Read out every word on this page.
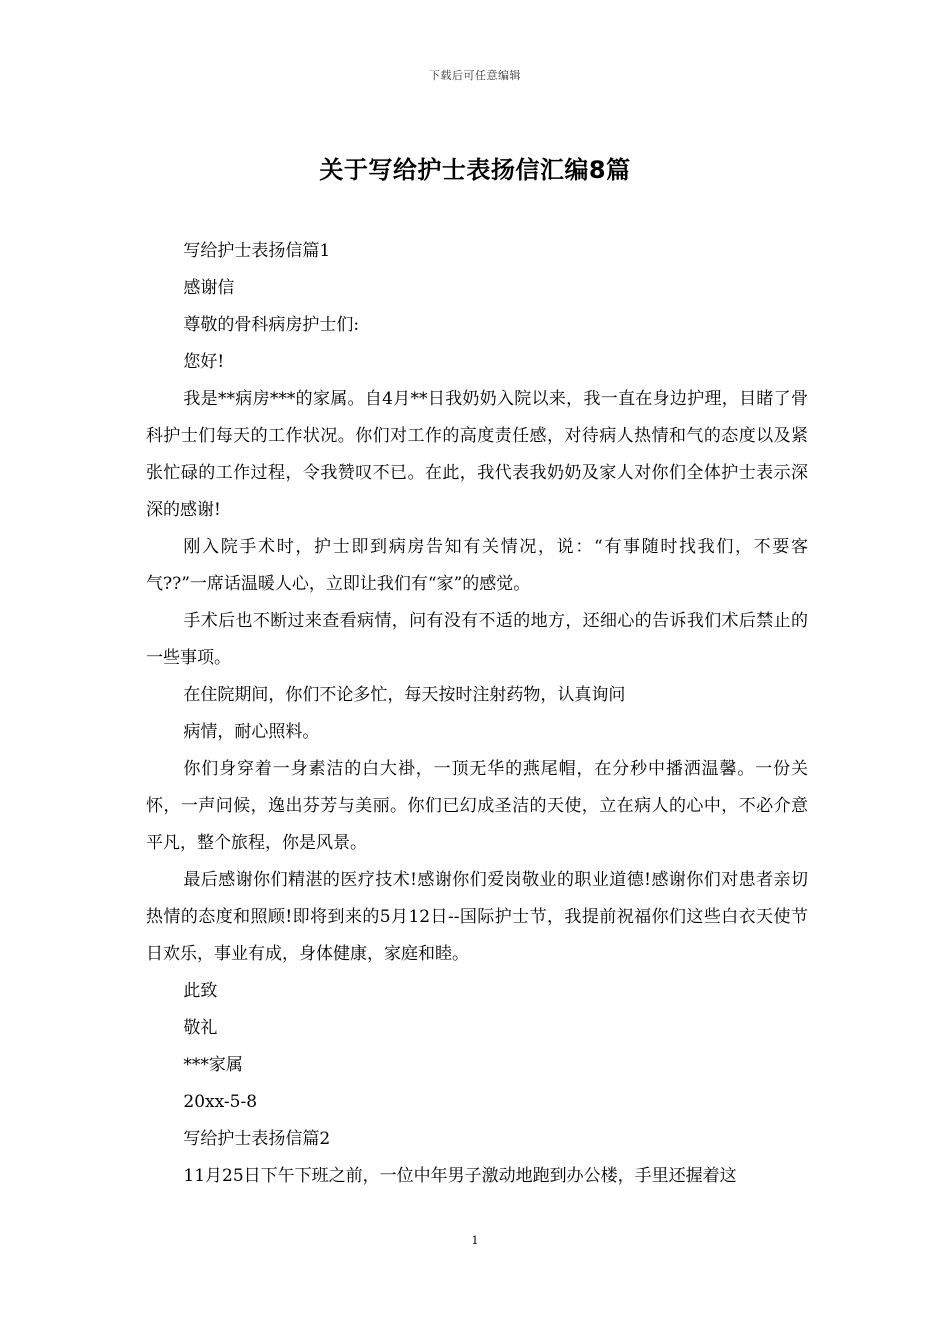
下载后可任意编辑
关于写给护士表扬信汇编8篇

写给护士表扬信篇1

感谢信

尊敬的骨科病房护士们:

您好!

我是**病房***的家属。自4月**日我奶奶入院以来，我一直在身边护理，目睹了骨科护士们每天的工作状况。你们对工作的高度责任感，对待病人热情和气的态度以及紧张忙碌的工作过程，令我赞叹不已。在此，我代表我奶奶及家人对你们全体护士表示深深的感谢!

刚入院手术时，护士即到病房告知有关情况，说：“有事随时找我们，不要客气??”一席话温暖人心，立即让我们有“家”的感觉。

手术后也不断过来查看病情，问有没有不适的地方，还细心的告诉我们术后禁止的一些事项。

在住院期间，你们不论多忙，每天按时注射药物，认真询问

病情，耐心照料。

你们身穿着一身素洁的白大褂，一顶无华的燕尾帽，在分秒中播洒温馨。一份关怀，一声问候，逸出芬芳与美丽。你们已幻成圣洁的天使，立在病人的心中，不必介意平凡，整个旅程，你是风景。

最后感谢你们精湛的医疗技术!感谢你们爱岗敬业的职业道德!感谢你们对患者亲切热情的态度和照顾!即将到来的5月12日--国际护士节，我提前祝福你们这些白衣天使节日欢乐，事业有成，身体健康，家庭和睦。

此致

敬礼

***家属

20xx-5-8

写给护士表扬信篇2

11月25日下午下班之前，一位中年男子激动地跑到办公楼，手里还握着这

1
